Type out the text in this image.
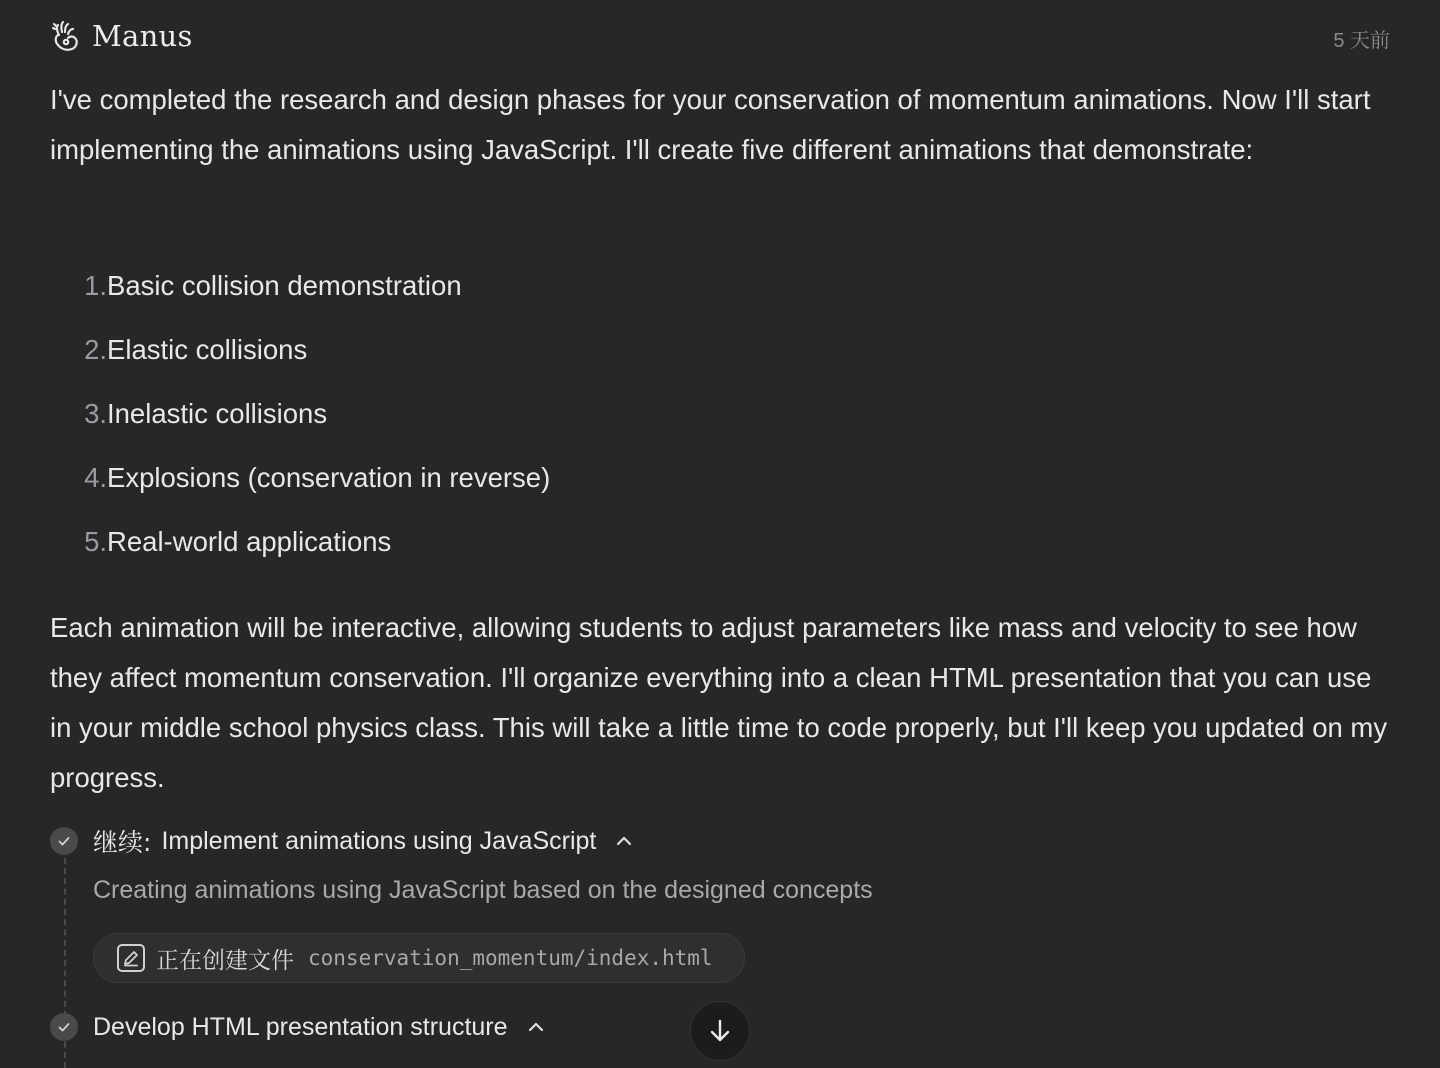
Manus	5 天前

I've completed the research and design phases for your conservation of momentum animations. Now I'll start implementing the animations using JavaScript. I'll create five different animations that demonstrate:

1. Basic collision demonstration
2. Elastic collisions
3. Inelastic collisions
4. Explosions (conservation in reverse)
5. Real-world applications

Each animation will be interactive, allowing students to adjust parameters like mass and velocity to see how they affect momentum conservation. I'll organize everything into a clean HTML presentation that you can use in your middle school physics class. This will take a little time to code properly, but I'll keep you updated on my progress.

继续: Implement animations using JavaScript
Creating animations using JavaScript based on the designed concepts
正在创建文件 conservation_momentum/index.html
Develop HTML presentation structure
